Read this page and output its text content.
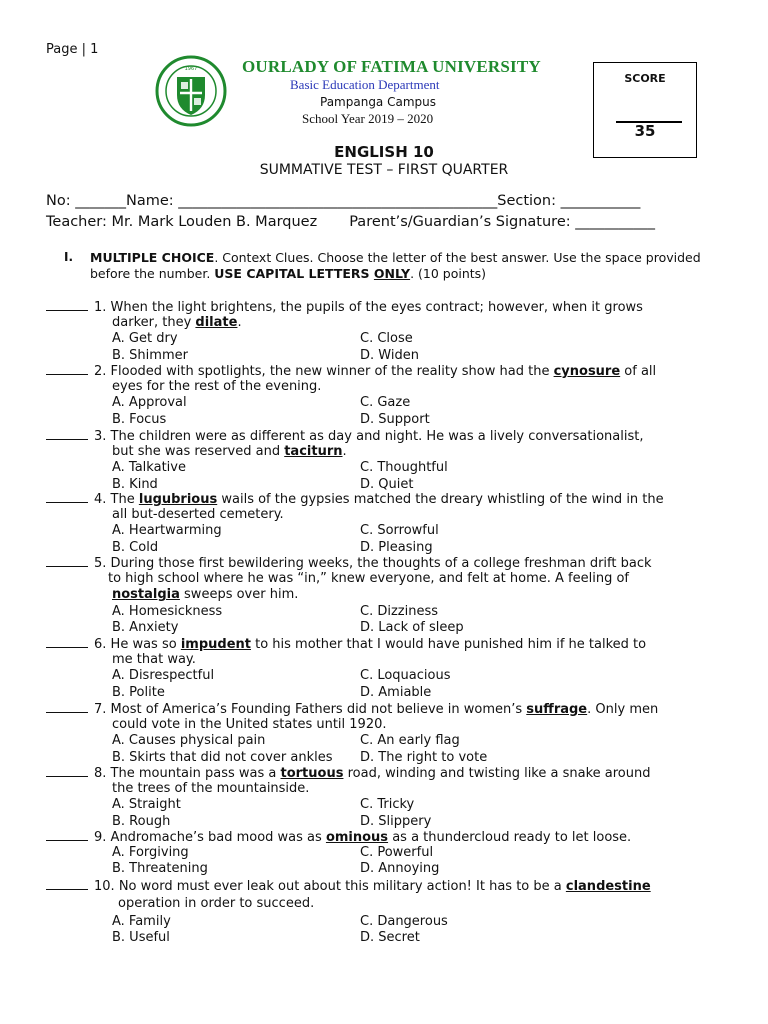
Page | 1
1967	OURLADY OF FATIMA UNIVERSITY
Basic Education Department
Pampanga Campus
School Year 2019 – 2020
SCORE
35
ENGLISH 10
SUMMATIVE TEST – FIRST QUARTER
No: _______Name: ____________________________________________Section: ___________
Teacher: Mr. Mark Louden B. Marquez Parent’s/Guardian’s Signature: ___________
I. MULTIPLE CHOICE. Context Clues. Choose the letter of the best answer. Use the space provided before the number. USE CAPITAL LETTERS ONLY. (10 points)
1. When the light brightens, the pupils of the eyes contract; however, when it grows
darker, they dilate.
A. Get dry	C. Close
B. Shimmer	D. Widen
2. Flooded with spotlights, the new winner of the reality show had the cynosure of all
eyes for the rest of the evening.
A. Approval	C. Gaze
B. Focus	D. Support
3. The children were as different as day and night. He was a lively conversationalist,
but she was reserved and taciturn.
A. Talkative	C. Thoughtful
B. Kind	D. Quiet
4. The lugubrious wails of the gypsies matched the dreary whistling of the wind in the
all but-deserted cemetery.
A. Heartwarming	C. Sorrowful
B. Cold	D. Pleasing
5. During those first bewildering weeks, the thoughts of a college freshman drift back
to high school where he was “in,” knew everyone, and felt at home. A feeling of
nostalgia sweeps over him.
A. Homesickness	C. Dizziness
B. Anxiety	D. Lack of sleep
6. He was so impudent to his mother that I would have punished him if he talked to
me that way.
A. Disrespectful	C. Loquacious
B. Polite	D. Amiable
7. Most of America’s Founding Fathers did not believe in women’s suffrage. Only men
could vote in the United states until 1920.
A. Causes physical pain	C. An early flag
B. Skirts that did not cover ankles D. The right to vote
8. The mountain pass was a tortuous road, winding and twisting like a snake around
the trees of the mountainside.
A. Straight	C. Tricky
B. Rough	D. Slippery
9. Andromache’s bad mood was as ominous as a thundercloud ready to let loose.
A. Forgiving	C. Powerful
B. Threatening	D. Annoying
10. No word must ever leak out about this military action! It has to be a clandestine
operation in order to succeed.
A. Family	C. Dangerous
B. Useful	D. Secret
